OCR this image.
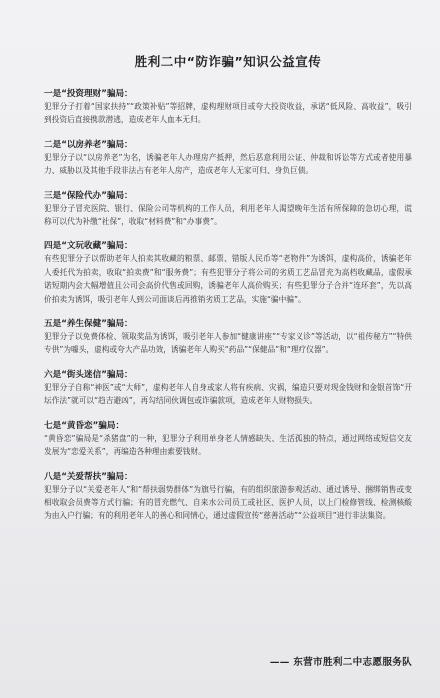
胜利二中“防诈骗”知识公益宣传
一是“投资理财”骗局：
犯罪分子打着“国家扶持”“政策补贴”等招牌，虚构理财项目或夸大投资收益，承诺“低风险、高收益”，吸引到投资后直接携款潜逃，造成老年人血本无归。
二是“以房养老”骗局：
犯罪分子以“以房养老”为名，诱骗老年人办理房产抵押，然后恶意利用公证、仲裁和诉讼等方式或者使用暴力、威胁以及其他手段非法占有老年人房产，造成老年人无家可归、身负巨债。
三是“保险代办”骗局：
犯罪分子冒充医院、银行、保险公司等机构的工作人员，利用老年人渴望晚年生活有所保障的急切心理，谎称可以代为补缴“社保”，收取“材料费”和“办事费”。
四是“文玩收藏”骗局：
有些犯罪分子以帮助老年人拍卖其收藏的粮票、邮票、错版人民币等“老物件”为诱饵，虚构高价，诱骗老年人委托代为拍卖，收取“拍卖费”和“服务费”；有些犯罪分子将公司的劣质工艺品冒充为高档收藏品，虚假承诺短期内会大幅增值且公司会高价代售或回购，诱骗老年人高价购买；有些犯罪分子合并“连环套”，先以高价拍卖为诱饵，吸引老年人到公司面谈后再推销劣质工艺品，实施“骗中骗”。
五是“养生保健”骗局：
犯罪分子以免费体检、领取奖品为诱饵，吸引老年人参加“健康讲座”“专家义诊”等活动，以“祖传秘方”“特供专供”为噱头，虚构或夸大产品功效，诱骗老年人购买“药品”“保健品”和“理疗仪器”。
六是“街头迷信”骗局：
犯罪分子自称“神医”或“大师”，虚构老年人自身或家人将有疾病、灾祸，编造只要对现金钱财和金银首饰“开坛作法”就可以“趋吉避凶”，再勾结同伙调包或诈骗款项，造成老年人财物损失。
七是“黄昏恋”骗局：
“黄昏恋”骗局是“杀猪盘”的一种，犯罪分子利用单身老人情感缺失、生活孤独的特点，通过网络或短信交友发展为“恋爱关系”，再编造各种理由索要钱财。
八是“关爱帮扶”骗局：
犯罪分子以“关爱老年人”和“帮扶弱势群体”为旗号行骗，有的组织旅游参观活动、通过诱导、捆绑销售或变相收取会员费等方式行骗；有的冒充燃气、自来水公司员工或社区、医护人员，以上门检修管线、检测核酸为由入户行骗；有的利用老年人的善心和同情心，通过虚假宣传“慈善活动”“公益项目”进行非法集资。
—— 东营市胜利二中志愿服务队
